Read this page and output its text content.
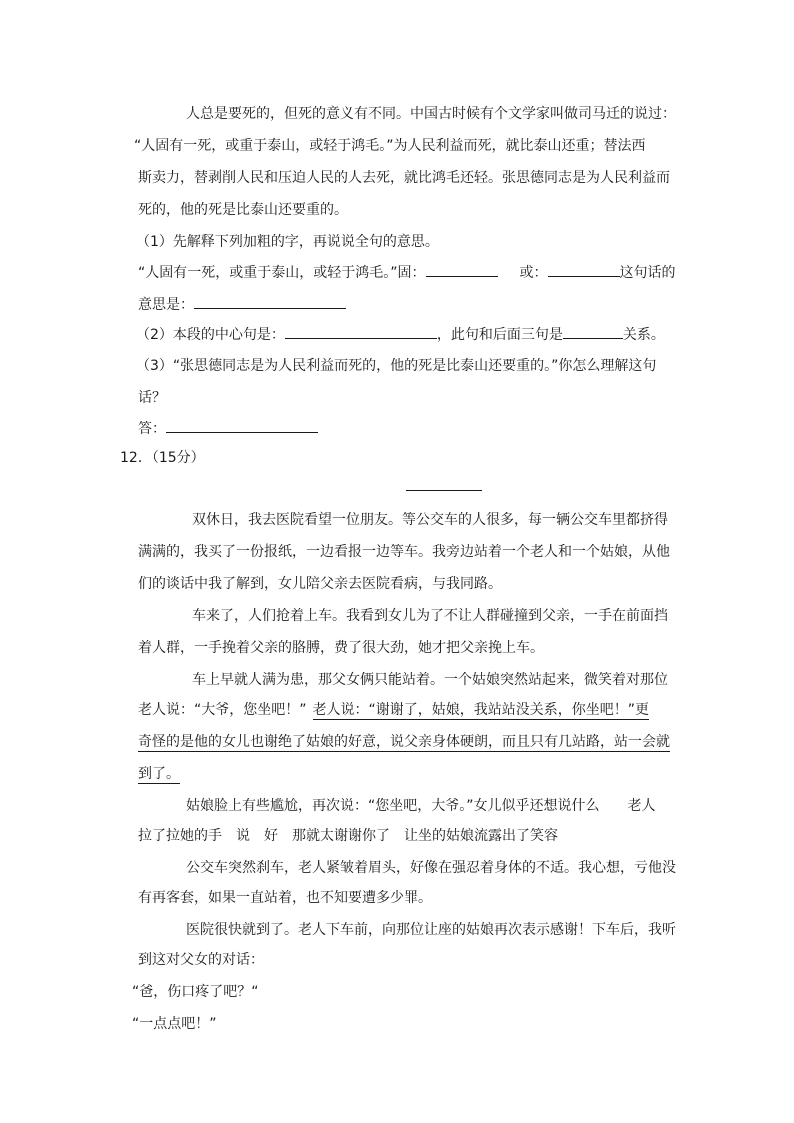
人总是要死的，但死的意义有不同。中国古时候有个文学家叫做司马迁的说过：
“人固有一死，或重于泰山，或轻于鸿毛。”为人民利益而死，就比泰山还重；替法西
斯卖力，替剥削人民和压迫人民的人去死，就比鸿毛还轻。张思德同志是为人民利益而
死的，他的死是比泰山还要重的。
（1）先解释下列加粗的字，再说说全句的意思。
“人固有一死，或重于泰山，或轻于鸿毛。”固：	或：	这句话的
意思是：
（2）本段的中心句是：	，此句和后面三句是	关系。
（3）“张思德同志是为人民利益而死的，他的死是比泰山还要重的。”你怎么理解这句
话？
答：
12．（15分）
双休日，我去医院看望一位朋友。等公交车的人很多，每一辆公交车里都挤得
满满的，我买了一份报纸，一边看报一边等车。我旁边站着一个老人和一个姑娘，从他
们的谈话中我了解到，女儿陪父亲去医院看病，与我同路。
车来了，人们抢着上车。我看到女儿为了不让人群碰撞到父亲，一手在前面挡
着人群，一手挽着父亲的胳膊，费了很大劲，她才把父亲挽上车。
车上早就人满为患，那父女俩只能站着。一个姑娘突然站起来，微笑着对那位
老人说：“大爷，您坐吧！” 老人说：“谢谢了，姑娘，我站站没关系，你坐吧！”更
奇怪的是他的女儿也谢绝了姑娘的好意，说父亲身体硬朗，而且只有几站路，站一会就
到了。
姑娘脸上有些尴尬，再次说：“您坐吧，大爷。”女儿似乎还想说什么　　老人
拉了拉她的手　说　好　那就太谢谢你了　让坐的姑娘流露出了笑容
公交车突然刹车，老人紧皱着眉头，好像在强忍着身体的不适。我心想，亏他没
有再客套，如果一直站着，也不知要遭多少罪。
医院很快就到了。老人下车前，向那位让座的姑娘再次表示感谢！下车后，我听
到这对父女的对话：
“爸，伤口疼了吧？“
“一点点吧！”
